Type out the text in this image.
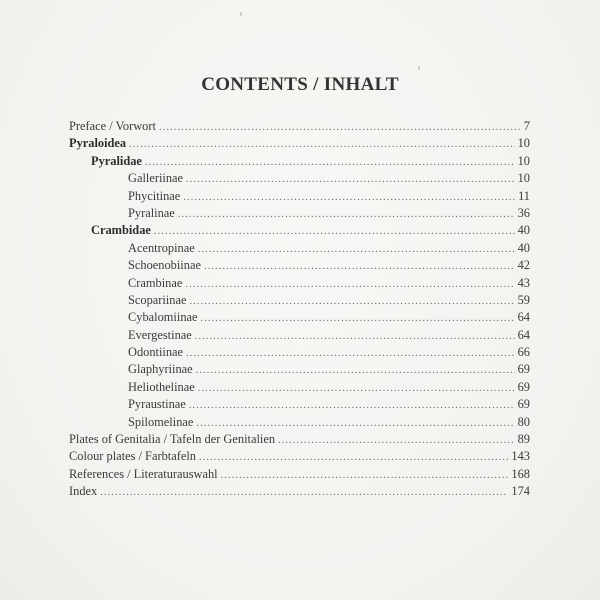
CONTENTS / INHALT
Preface / Vorwort .....	7
Pyraloidea .....	10
Pyralidae .....	10
Galleriinae .....	10
Phycitinae .....	11
Pyralinae .....	36
Crambidae .....	40
Acentropinae .....	40
Schoenobiinae .....	42
Crambinae .....	43
Scopariinae .....	59
Cybalomiinae .....	64
Evergestinae .....	64
Odontiinae .....	66
Glaphyriinae .....	69
Heliothelinae .....	69
Pyraustinae .....	69
Spilomelinae .....	80
Plates of Genitalia / Tafeln der Genitalien .....	89
Colour plates / Farbtafeln .....	143
References / Literaturauswahl .....	168
Index .....	174
